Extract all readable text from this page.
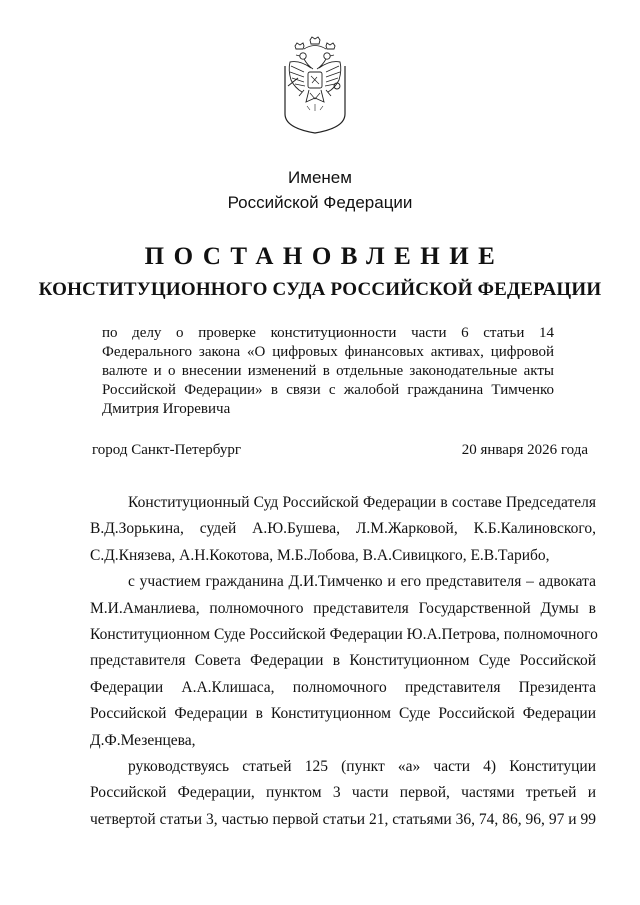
Именем
Российской Федерации
ПОСТАНОВЛЕНИЕ
КОНСТИТУЦИОННОГО СУДА РОССИЙСКОЙ ФЕДЕРАЦИИ
по делу о проверке конституционности части 6 статьи 14
Федерального закона «О цифровых финансовых активах, цифровой
валюте и о внесении изменений в отдельные законодательные акты
Российской Федерации» в связи с жалобой гражданина Тимченко
Дмитрия Игоревича
город Санкт-Петербург	20 января 2026 года
Конституционный Суд Российской Федерации в составе Председателя
В.Д.Зорькина, судей А.Ю.Бушева, Л.М.Жарковой, К.Б.Калиновского,
С.Д.Князева, А.Н.Кокотова, М.Б.Лобова, В.А.Сивицкого, Е.В.Тарибо,
с участием гражданина Д.И.Тимченко и его представителя – адвоката
М.И.Аманлиева, полномочного представителя Государственной Думы в
Конституционном Суде Российской Федерации Ю.А.Петрова, полномочного
представителя Совета Федерации в Конституционном Суде Российской
Федерации А.А.Клишаса, полномочного представителя Президента
Российской Федерации в Конституционном Суде Российской Федерации
Д.Ф.Мезенцева,
руководствуясь статьей 125 (пункт «а» части 4) Конституции
Российской Федерации, пунктом 3 части первой, частями третьей и
четвертой статьи 3, частью первой статьи 21, статьями 36, 74, 86, 96, 97 и 99
